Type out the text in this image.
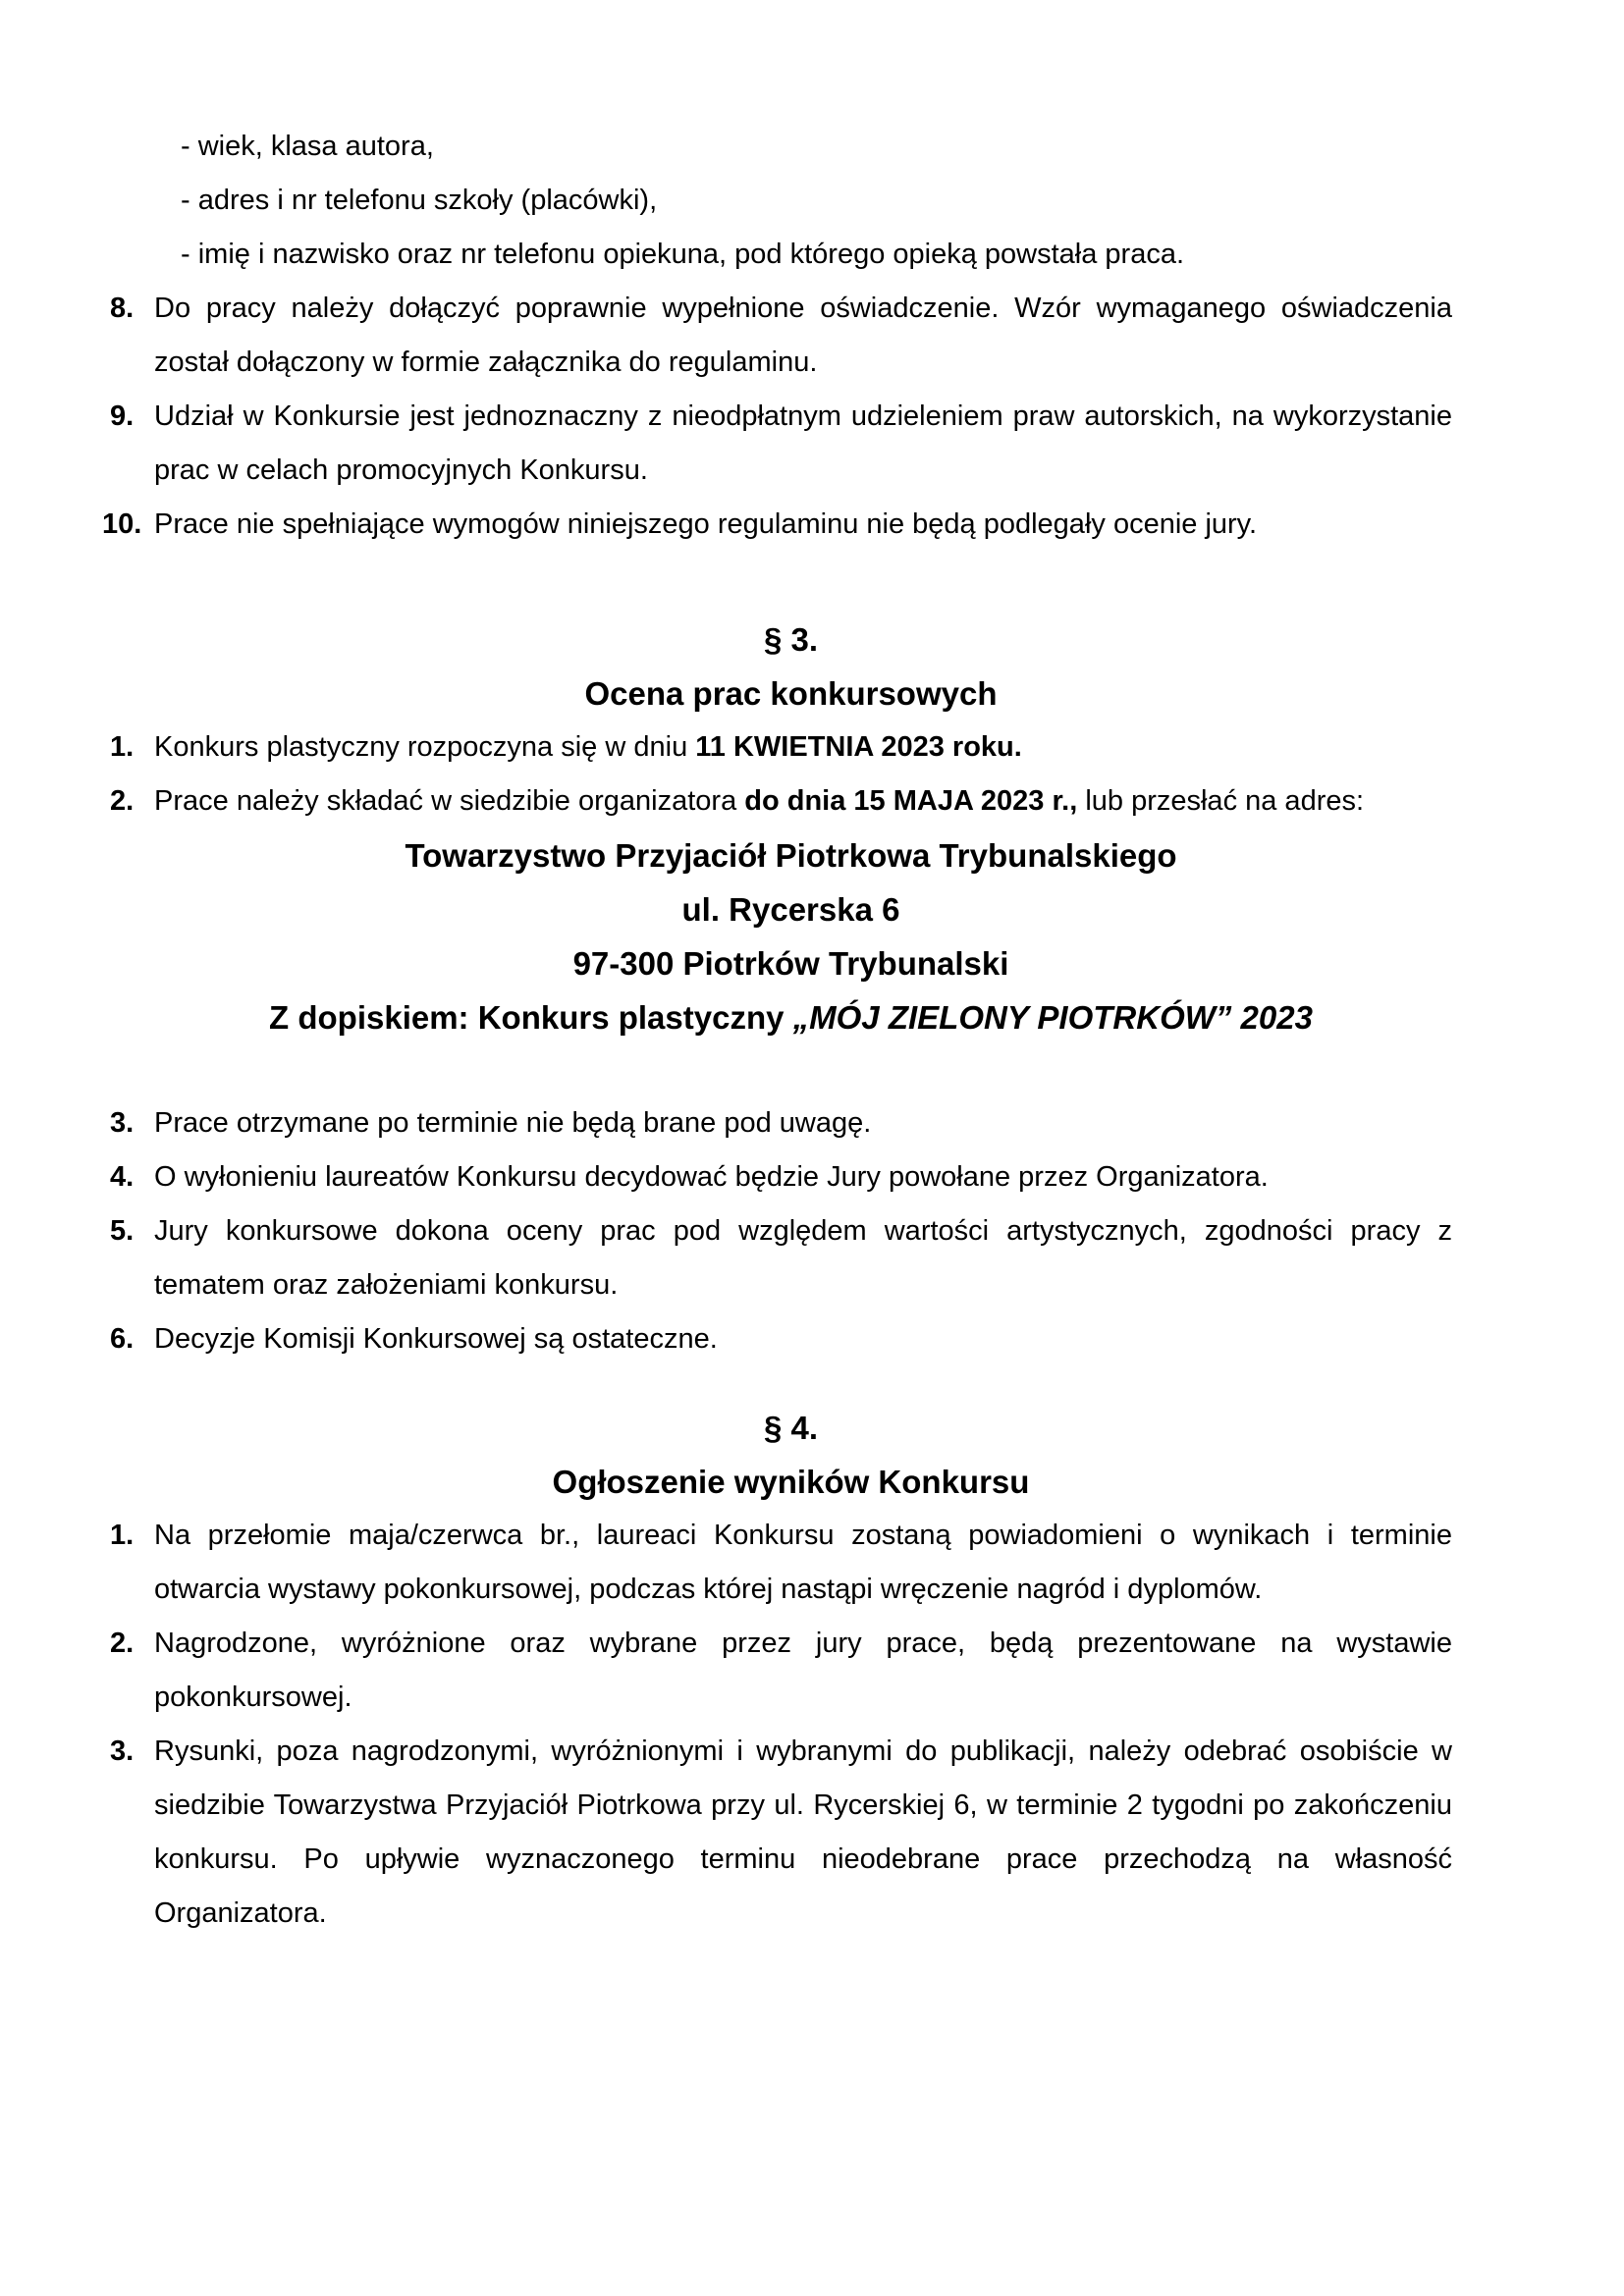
- wiek, klasa autora,
- adres i nr telefonu szkoły (placówki),
- imię i nazwisko oraz nr telefonu opiekuna, pod którego opieką powstała praca.
8. Do pracy należy dołączyć poprawnie wypełnione oświadczenie. Wzór wymaganego oświadczenia został dołączony w formie załącznika do regulaminu.
9. Udział w Konkursie jest jednoznaczny z nieodpłatnym udzieleniem praw autorskich, na wykorzystanie prac w celach promocyjnych Konkursu.
10. Prace nie spełniające wymogów niniejszego regulaminu nie będą podlegały ocenie jury.
§ 3.
Ocena prac konkursowych
1. Konkurs plastyczny rozpoczyna się w dniu 11 KWIETNIA 2023 roku.
2. Prace należy składać w siedzibie organizatora do dnia 15 MAJA 2023 r., lub przesłać na adres:
Towarzystwo Przyjaciół Piotrkowa Trybunalskiego
ul. Rycerska 6
97-300 Piotrków Trybunalski
Z dopiskiem: Konkurs plastyczny „MÓJ ZIELONY PIOTRKÓW” 2023
3. Prace otrzymane po terminie nie będą brane pod uwagę.
4. O wyłonieniu laureatów Konkursu decydować będzie Jury powołane przez Organizatora.
5. Jury konkursowe dokona oceny prac pod względem wartości artystycznych, zgodności pracy z tematem oraz założeniami konkursu.
6. Decyzje Komisji Konkursowej są ostateczne.
§ 4.
Ogłoszenie wyników Konkursu
1. Na przełomie maja/czerwca br., laureaci Konkursu zostaną powiadomieni o wynikach i terminie otwarcia wystawy pokonkursowej, podczas której nastąpi wręczenie nagród i dyplomów.
2. Nagrodzone, wyróżnione oraz wybrane przez jury prace, będą prezentowane na wystawie pokonkursowej.
3. Rysunki, poza nagrodzonymi, wyróżnionymi i wybranymi do publikacji, należy odebrać osobiście w siedzibie Towarzystwa Przyjaciół Piotrkowa przy ul. Rycerskiej 6, w terminie 2 tygodni po zakończeniu konkursu. Po upływie wyznaczonego terminu nieodebrane prace przechodzą na własność Organizatora.
